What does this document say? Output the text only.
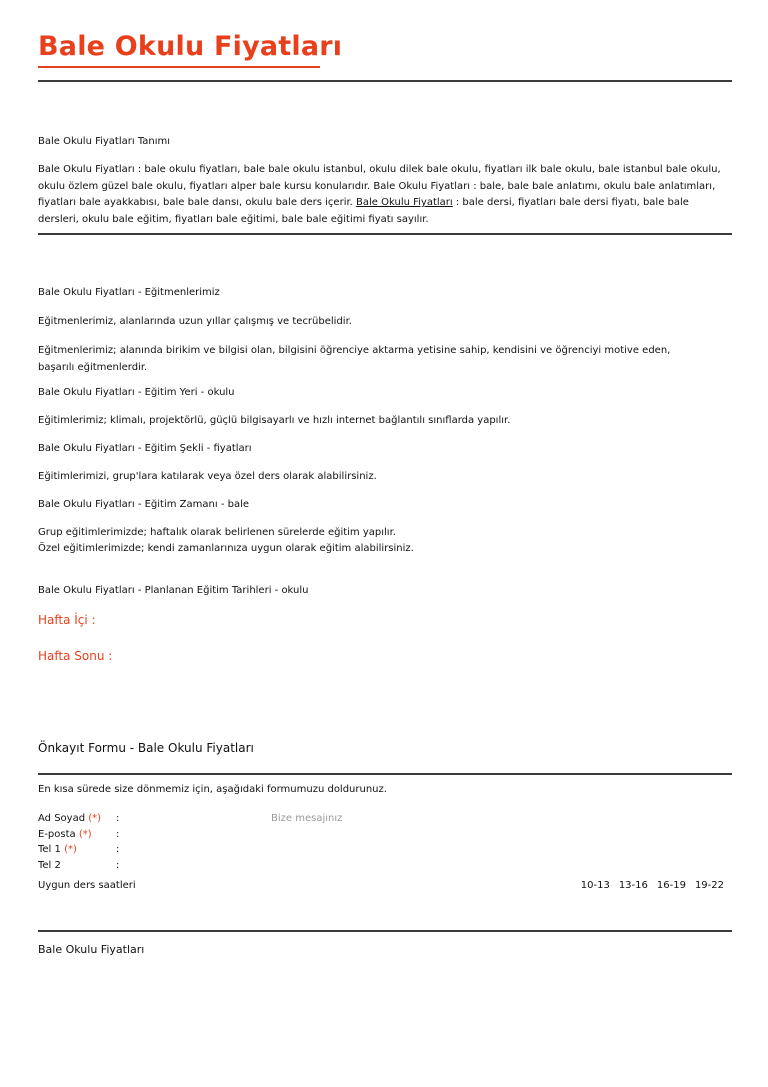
Bale Okulu Fiyatları
Bale Okulu Fiyatları Tanımı

Bale Okulu Fiyatları : bale okulu fiyatları, bale bale okulu istanbul, okulu dilek bale okulu, fiyatları ilk bale okulu, bale istanbul bale okulu, okulu özlem güzel bale okulu, fiyatları alper bale kursu konularıdır. Bale Okulu Fiyatları : bale, bale bale anlatımı, okulu bale anlatımları, fiyatları bale ayakkabısı, bale bale dansı, okulu bale ders içerir. Bale Okulu Fiyatları : bale dersi, fiyatları bale dersi fiyatı, bale bale dersleri, okulu bale eğitim, fiyatları bale eğitimi, bale bale eğitimi fiyatı sayılır.

Bale Okulu Fiyatları - Eğitmenlerimiz
Eğitmenlerimiz, alanlarında uzun yıllar çalışmış ve tecrübelidir.

Eğitmenlerimiz; alanında birikim ve bilgisi olan, bilgisini öğrenciye aktarma yetisine sahip, kendisini ve öğrenciyi motive eden, başarılı eğitmenlerdir.

Bale Okulu Fiyatları - Eğitim Yeri - okulu
Eğitimlerimiz; klimalı, projektörlü, güçlü bilgisayarlı ve hızlı internet bağlantılı sınıflarda yapılır.
Bale Okulu Fiyatları - Eğitim Şekli - fiyatları
Eğitimlerimizi, grup'lara katılarak veya özel ders olarak alabilirsiniz.
Bale Okulu Fiyatları - Eğitim Zamanı - bale
Grup eğitimlerimizde; haftalık olarak belirlenen sürelerde eğitim yapılır.
Özel eğitimlerimizde; kendi zamanlarınıza uygun olarak eğitim alabilirsiniz.
Bale Okulu Fiyatları - Planlanan Eğitim Tarihleri - okulu
Hafta İçi :
Hafta Sonu :
Önkayıt Formu - Bale Okulu Fiyatları
En kısa sürede size dönmemiz için, aşağıdaki formumuzu doldurunuz.
Ad Soyad (*)	:
E-posta (*)	:
Tel 1 (*)	:
Tel 2	:
Bize mesajınız
Uygun ders saatleri	10-13 13-16 16-19 19-22
Bale Okulu Fiyatları
